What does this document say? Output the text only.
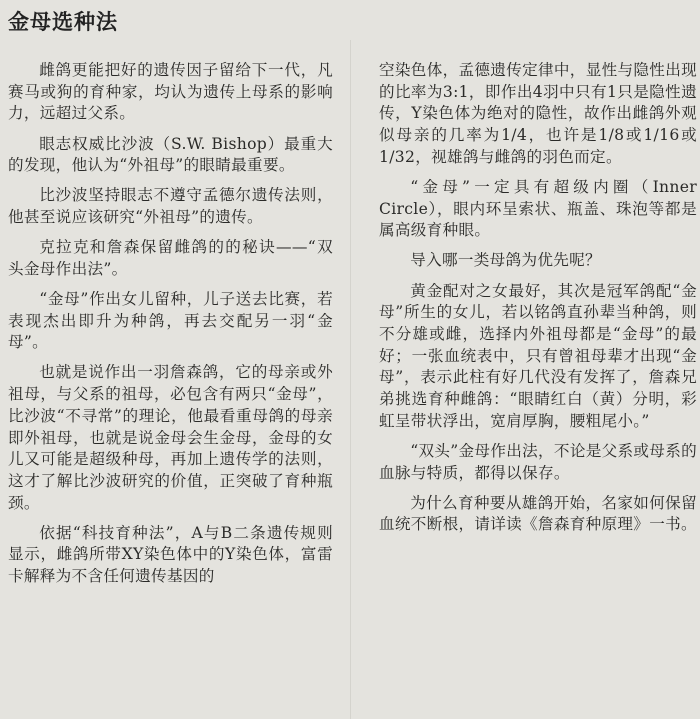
金母选种法

雌鸽更能把好的遗传因子留给下一代，凡赛马或狗的育种家，均认为遗传上母系的影响力，远超过父系。

眼志权威比沙波（S.W. Bishop）最重大的发现，他认为“外祖母”的眼睛最重要。

比沙波坚持眼志不遵守孟德尔遗传法则，他甚至说应该研究“外祖母”的遗传。

克拉克和詹森保留雌鸽的的秘诀——“双头金母作出法”。

“金母”作出女儿留种，儿子送去比赛，若表现杰出即升为种鸽，再去交配另一羽“金母”。

也就是说作出一羽詹森鸽，它的母亲或外祖母，与父系的祖母，必包含有两只“金母”，比沙波“不寻常”的理论，他最看重母鸽的母亲即外祖母，也就是说金母会生金母，金母的女儿又可能是超级种母，再加上遗传学的法则，这才了解比沙波研究的价值，正突破了育种瓶颈。

依据“科技育种法”，A与B二条遗传规则显示，雌鸽所带XY染色体中的Y染色体，富雷卡解释为不含任何遗传基因的

空染色体，孟德遗传定律中，显性与隐性出现的比率为3:1，即作出4羽中只有1只是隐性遗传，Y染色体为绝对的隐性，故作出雌鸽外观似母亲的几率为1/4，也许是1/8或1/16或1/32，视雄鸽与雌鸽的羽色而定。

“金母”一定具有超级内圈（Inner Circle），眼内环呈索状、瓶盖、珠泡等都是属高级育种眼。

导入哪一类母鸽为优先呢？

黄金配对之女最好，其次是冠军鸽配“金母”所生的女儿，若以铭鸽直孙辈当种鸽，则不分雄或雌，选择内外祖母都是“金母”的最好；一张血统表中，只有曾祖母辈才出现“金母”，表示此柱有好几代没有发挥了，詹森兄弟挑选育种雌鸽：“眼睛红白（黄）分明，彩虹呈带状浮出，宽肩厚胸，腰粗尾小。”

“双头”金母作出法，不论是父系或母系的血脉与特质，都得以保存。

为什么育种要从雄鸽开始，名家如何保留血统不断根，请详读《詹森育种原理》一书。
